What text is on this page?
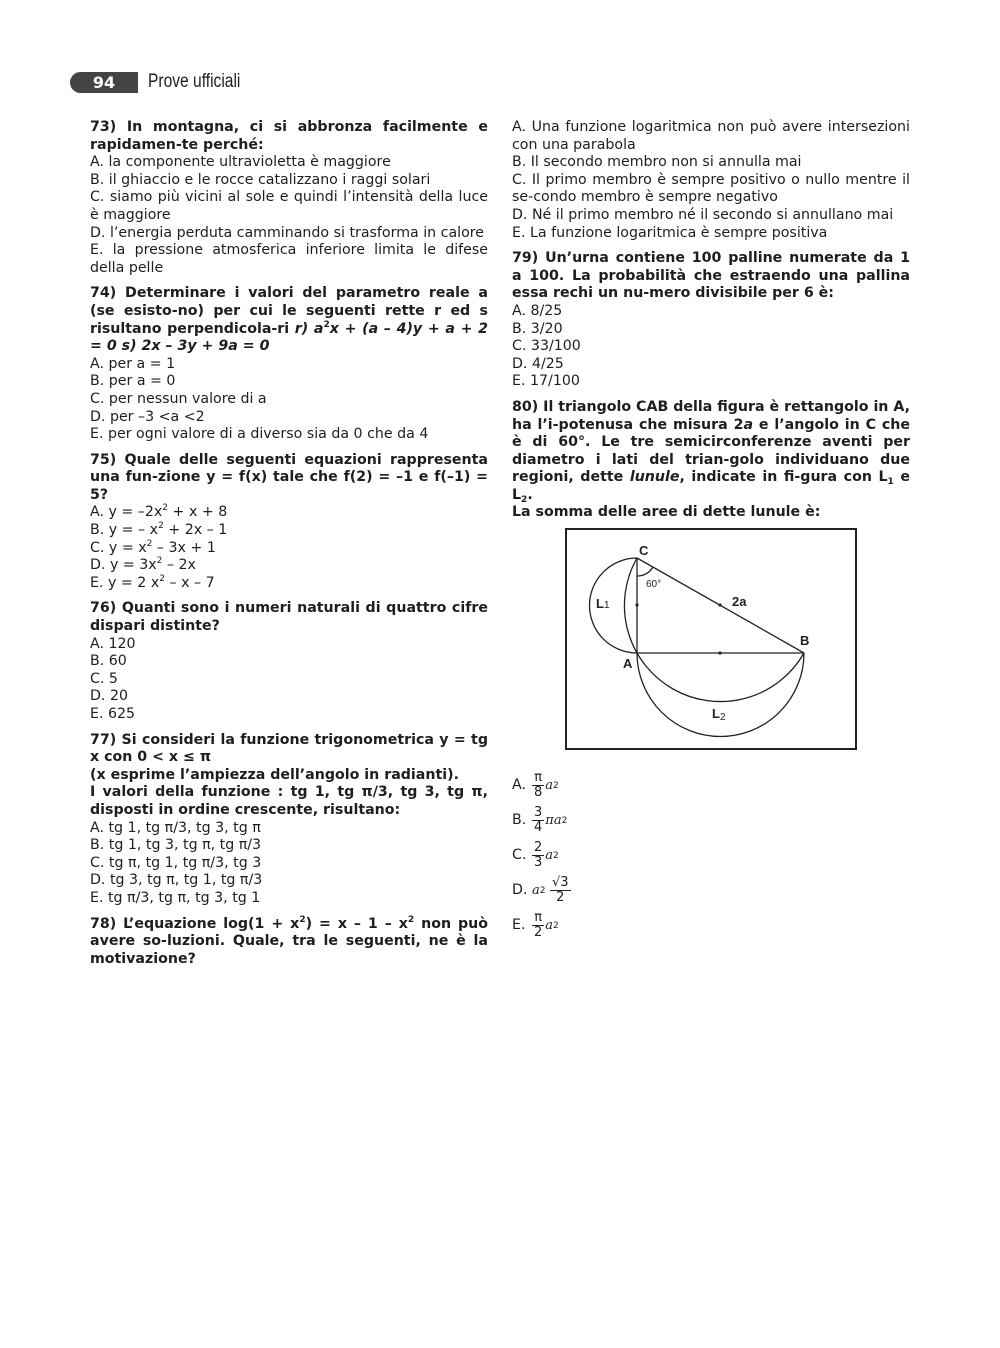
94	Prove ufficiali
73) In montagna, ci si abbronza facilmente e rapidamen-te perché:
A. la componente ultravioletta è maggiore
B. il ghiaccio e le rocce catalizzano i raggi solari
C. siamo più vicini al sole e quindi l’intensità della luce è maggiore
D. l’energia perduta camminando si trasforma in calore
E. la pressione atmosferica inferiore limita le difese della pelle
74) Determinare i valori del parametro reale a (se esisto-no) per cui le seguenti rette r ed s risultano perpendicola-ri r) $a^2x + (a - 4)y + a + 2 = 0$ s) 2x – 3y + 9a = 0
A. per a = 1
B. per a = 0
C. per nessun valore di a
D. per –3 <a <2
E. per ogni valore di a diverso sia da 0 che da 4
75) Quale delle seguenti equazioni rappresenta una fun-zione y = f(x) tale che f(2) = –1 e f(–1) = 5?
A. $y = -2x^2 + x + 8$
B. y = – $x^2 + 2x - 1$
C. $y = x^2 - 3x + 1$
D. $y = 3x^2 - 2x$
E. y = 2 $x^2$ – x – 7
76) Quanti sono i numeri naturali di quattro cifre dispari distinte?
A. 120
B. 60
C. 5
D. 20
E. 625
77) Si consideri la funzione trigonometrica y = tg x con 0 < x ≤ π
(x esprime l’ampiezza dell’angolo in radianti).
I valori della funzione : tg 1, tg π/3, tg 3, tg π, disposti in ordine crescente, risultano:
A. tg 1, tg π/3, tg 3, tg π
B. tg 1, tg 3, tg π, tg π/3
C. tg π, tg 1, tg π/3, tg 3
D. tg 3, tg π, tg 1, tg π/3
E. tg π/3, tg π, tg 3, tg 1
78) L’equazione $\log(1 + x^2) = x - 1 - x^2$ non può avere so-luzioni. Quale, tra le seguenti, ne è la motivazione?
A. Una funzione logaritmica non può avere intersezioni con una parabola
B. Il secondo membro non si annulla mai
C. Il primo membro è sempre positivo o nullo mentre il se-condo membro è sempre negativo
D. Né il primo membro né il secondo si annullano mai
E. La funzione logaritmica è sempre positiva
79) Un’urna contiene 100 palline numerate da 1 a 100. La probabilità che estraendo una pallina essa rechi un nu-mero divisibile per 6 è:
A. 8/25
B. 3/20
C. 33/100
D. 4/25
E. 17/100
80) Il triangolo CAB della figura è rettangolo in A, ha l’i-potenusa che misura 2a e l’angolo in C che è di 60°. Le tre semicirconferenze aventi per diametro i lati del trian-golo individuano due regioni, dette lunule, indicate in fi-gura con $L_1$ e $L_2$.
La somma delle aree di dette lunule è:
C
A
B
60°
2a
L1
L2
A. $\frac{\pi}{8}$ a 2
B. $\frac{3}{4}$ πa 2
C. $\frac{2}{3}$ a 2
D. a 2
$\frac{√3}{2}$
E. $\frac{\pi}{2}$ a 2
